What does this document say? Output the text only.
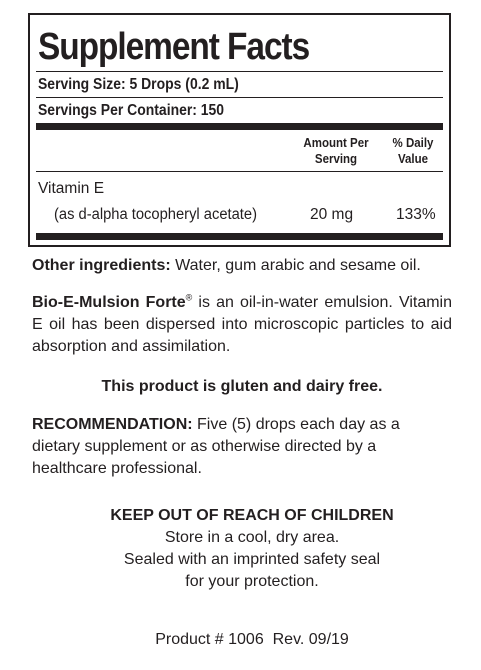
Supplement Facts
Serving Size: 5 Drops (0.2 mL)
Servings Per Container: 150
Amount Per
Serving
% Daily
Value
Vitamin E
(as d-alpha tocopheryl acetate)	20 mg	133%

Other ingredients: Water, gum arabic and sesame oil.

Bio-E-Mulsion Forte® is an oil-in-water emulsion. Vitamin E oil has been dispersed into microscopic particles to aid absorption and assimilation.

This product is gluten and dairy free.

RECOMMENDATION: Five (5) drops each day as a dietary supplement or as otherwise directed by a healthcare professional.

KEEP OUT OF REACH OF CHILDREN
Store in a cool, dry area.
Sealed with an imprinted safety seal
for your protection.
Product # 1006 Rev. 09/19
